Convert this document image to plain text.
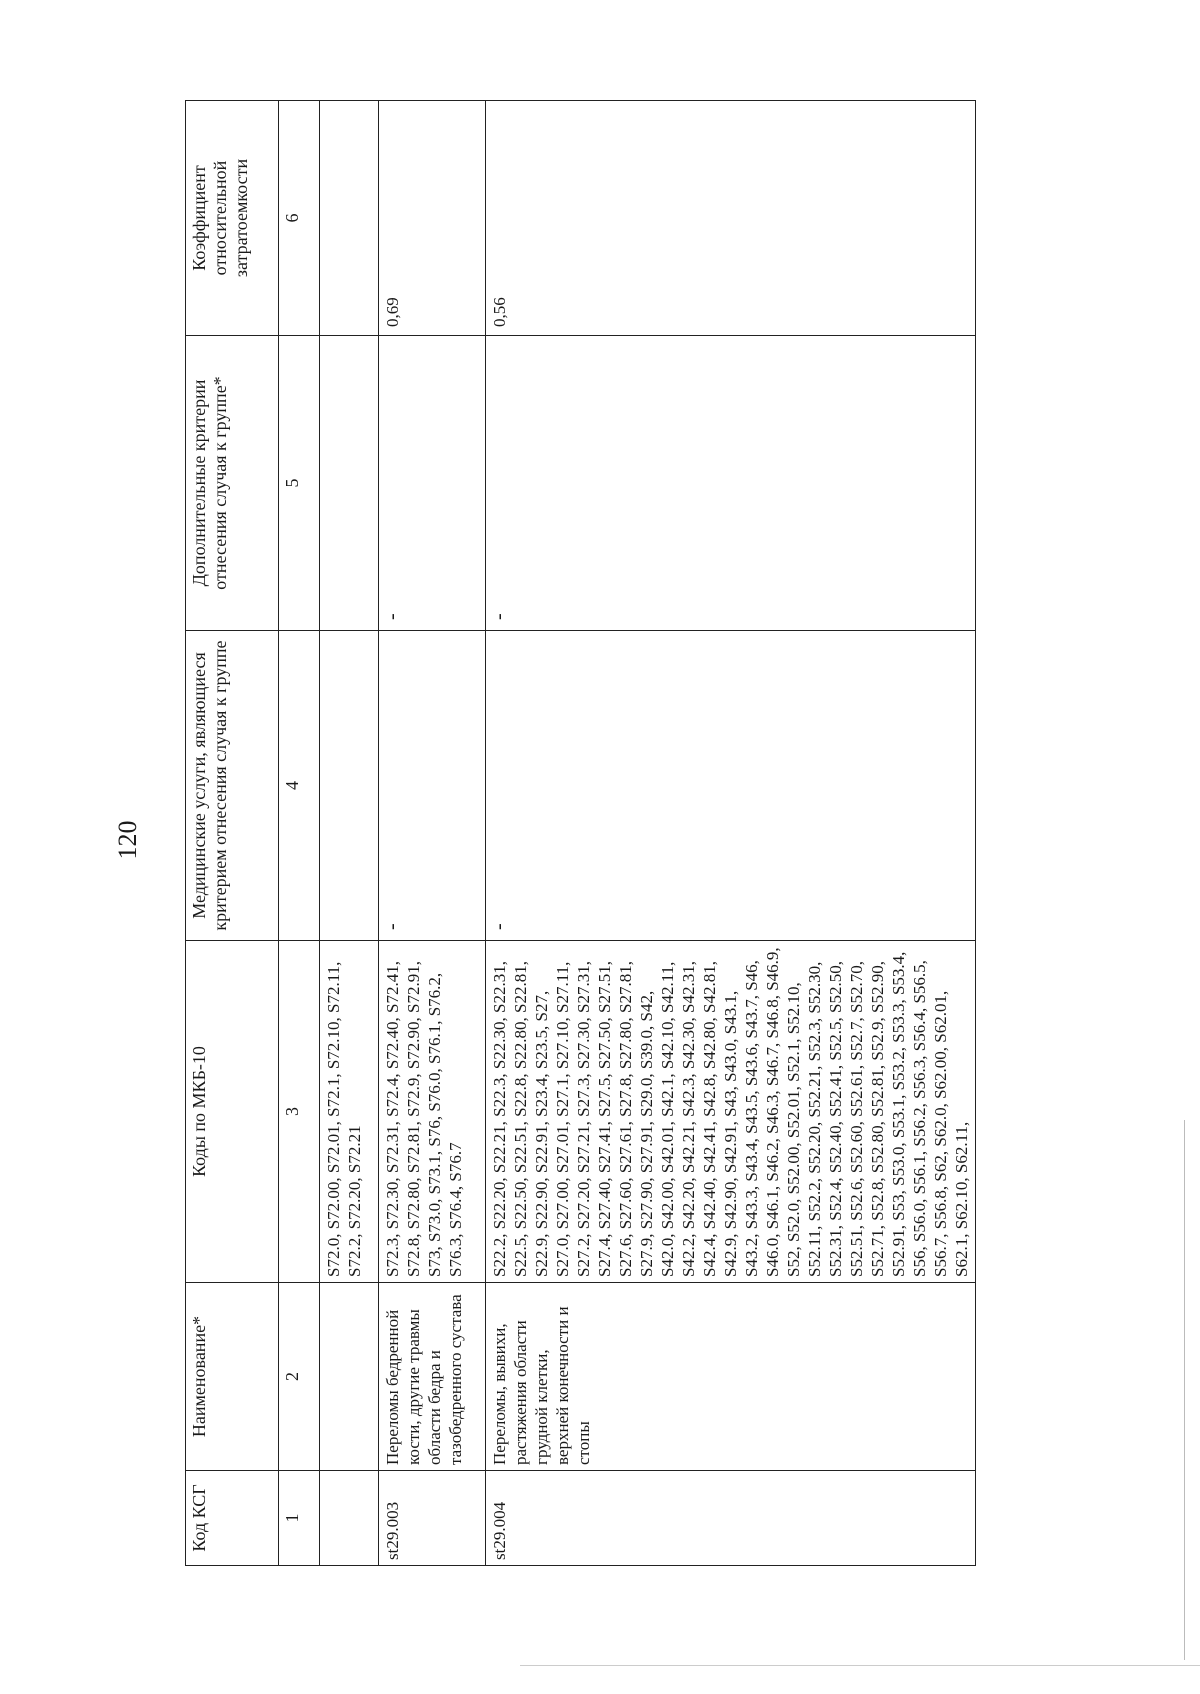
120
Код КСГ	Наименование*	Коды по МКБ-10	Медицинские услуги, являющиеся критерием отнесения случая к группе	Дополнительные критерии отнесения случая к группе*	Коэффициент относительной затратоемкости
1	2	3	4	5	6
		S72.0, S72.00, S72.01, S72.1, S72.10, S72.11, S72.2, S72.20, S72.21			
st29.003	Переломы бедренной кости, другие травмы области бедра и тазобедренного сустава	S72.3, S72.30, S72.31, S72.4, S72.40, S72.41, S72.8, S72.80, S72.81, S72.9, S72.90, S72.91, S73, S73.0, S73.1, S76, S76.0, S76.1, S76.2, S76.3, S76.4, S76.7	-	-	0,69
st29.004	Переломы, вывихи, растяжения области грудной клетки, верхней конечности и стопы	S22.2, S22.20, S22.21, S22.3, S22.30, S22.31, S22.5, S22.50, S22.51, S22.8, S22.80, S22.81, S22.9, S22.90, S22.91, S23.4, S23.5, S27, S27.0, S27.00, S27.01, S27.1, S27.10, S27.11, S27.2, S27.20, S27.21, S27.3, S27.30, S27.31, S27.4, S27.40, S27.41, S27.5, S27.50, S27.51, S27.6, S27.60, S27.61, S27.8, S27.80, S27.81, S27.9, S27.90, S27.91, S29.0, S39.0, S42, S42.0, S42.00, S42.01, S42.1, S42.10, S42.11, S42.2, S42.20, S42.21, S42.3, S42.30, S42.31, S42.4, S42.40, S42.41, S42.8, S42.80, S42.81, S42.9, S42.90, S42.91, S43, S43.0, S43.1, S43.2, S43.3, S43.4, S43.5, S43.6, S43.7, S46, S46.0, S46.1, S46.2, S46.3, S46.7, S46.8, S46.9, S52, S52.0, S52.00, S52.01, S52.1, S52.10, S52.11, S52.2, S52.20, S52.21, S52.3, S52.30, S52.31, S52.4, S52.40, S52.41, S52.5, S52.50, S52.51, S52.6, S52.60, S52.61, S52.7, S52.70, S52.71, S52.8, S52.80, S52.81, S52.9, S52.90, S52.91, S53, S53.0, S53.1, S53.2, S53.3, S53.4, S56, S56.0, S56.1, S56.2, S56.3, S56.4, S56.5, S56.7, S56.8, S62, S62.0, S62.00, S62.01, S62.1, S62.10, S62.11,	-	-	0,56
